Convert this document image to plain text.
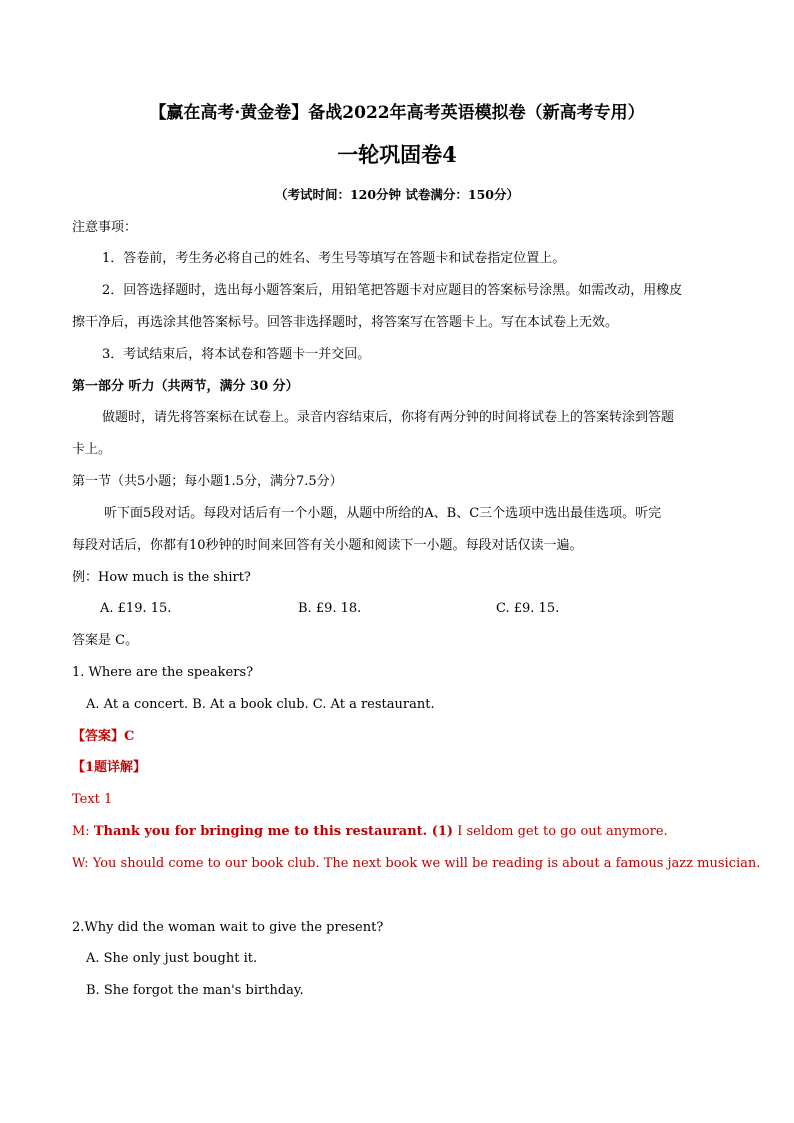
【赢在高考·黄金卷】备战2022年高考英语模拟卷（新高考专用）
一轮巩固卷4
（考试时间：120分钟 试卷满分：150分）
注意事项：
1．答卷前，考生务必将自己的姓名、考生号等填写在答题卡和试卷指定位置上。
2．回答选择题时，选出每小题答案后，用铅笔把答题卡对应题目的答案标号涂黑。如需改动，用橡皮
擦干净后，再选涂其他答案标号。回答非选择题时，将答案写在答题卡上。写在本试卷上无效。
3．考试结束后，将本试卷和答题卡一并交回。
第一部分 听力（共两节，满分 30 分）
做题时，请先将答案标在试卷上。录音内容结束后，你将有两分钟的时间将试卷上的答案转涂到答题
卡上。
第一节（共5小题；每小题1.5分，满分7.5分）
听下面5段对话。每段对话后有一个小题，从题中所给的A、B、C三个选项中选出最佳选项。听完
每段对话后，你都有10秒钟的时间来回答有关小题和阅读下一小题。每段对话仅读一遍。
例：How much is the shirt?
A. £19. 15.	B. £9. 18.	C. £9. 15.
答案是 C。
1. Where are the speakers?
A. At a concert. B. At a book club. C. At a restaurant.
【答案】C
【1题详解】
Text 1
M: Thank you for bringing me to this restaurant. (1) I seldom get to go out anymore.
W: You should come to our book club. The next book we will be reading is about a famous jazz musician.
2.Why did the woman wait to give the present?
A. She only just bought it.
B. She forgot the man's birthday.
